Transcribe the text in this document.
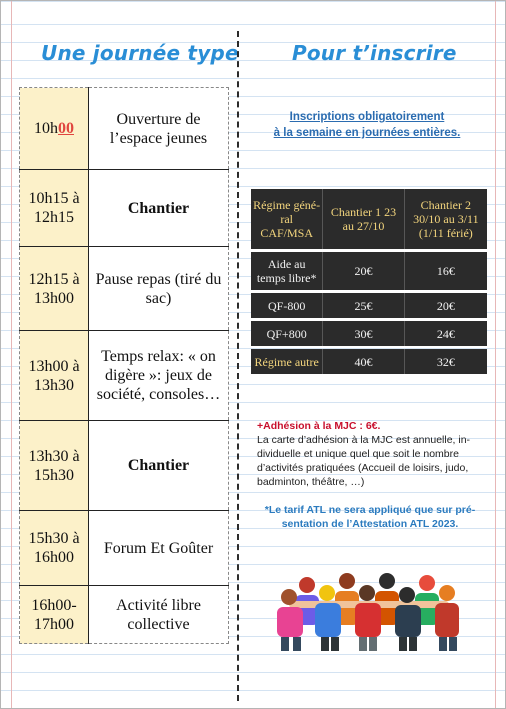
Une journée type	Pour t’inscrire
10h00	Ouverture de l’espace jeunes
10h15 à 12h15	Chantier
12h15 à 13h00	Pause repas (tiré du sac)
13h00 à 13h30	Temps relax: « on digère »: jeux de société, consoles…
13h30 à 15h30	Chantier
15h30 à 16h00	Forum Et Goûter
16h00-17h00	Activité libre collective
Inscriptions obligatoirement
à la semaine en journées entières.
Régime géné-ral CAF/MSA	Chantier 1 23 au 27/10	Chantier 2 30/10 au 3/11 (1/11 férié)
Aide au temps libre*	20€	16€
QF-800	25€	20€
QF+800	30€	24€
Régime autre	40€	32€
+Adhésion à la MJC : 6€.
La carte d’adhésion à la MJC est annuelle, in-dividuelle et unique quel que soit le nombre d’activités pratiquées (Accueil de loisirs, judo, badminton, théâtre, …)
*Le tarif ATL ne sera appliqué que sur pré-sentation de l’Attestation ATL 2023.
